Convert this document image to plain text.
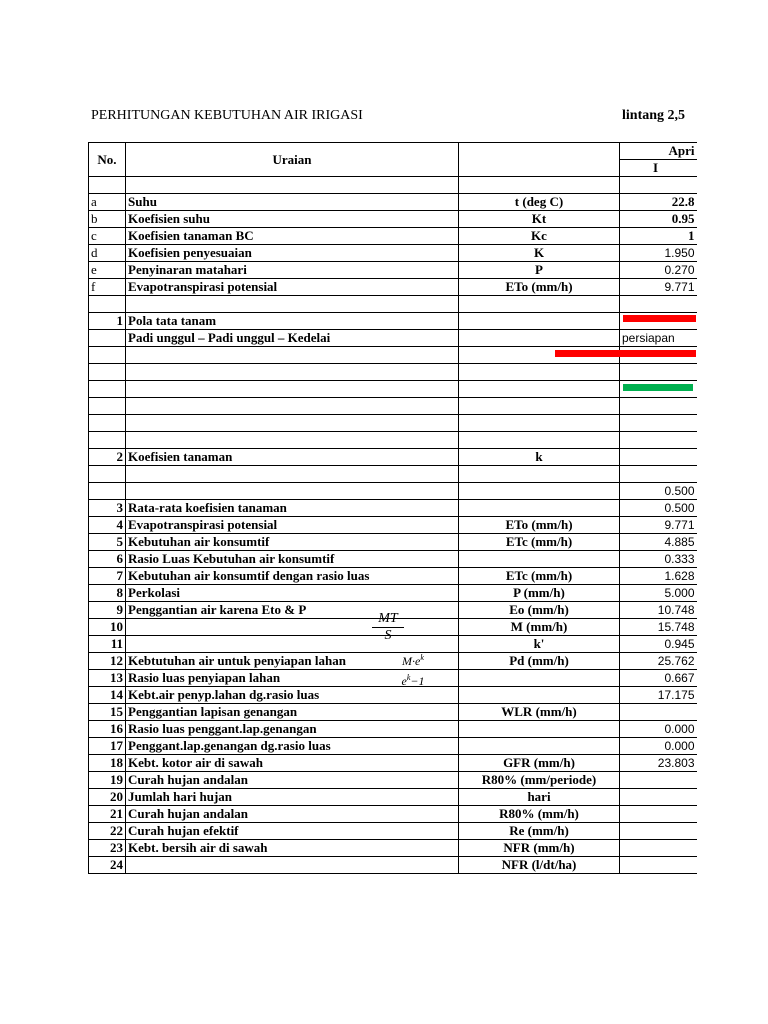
PERHITUNGAN KEBUTUHAN AIR IRIGASI	lintang 2,5
No.	Uraian		Apri
			I

a	Suhu	t (deg C)	22.8
b	Koefisien suhu	Kt	0.95
c	Koefisien tanaman BC	Kc	1
d	Koefisien penyesuaian	K	1.950
e	Penyinaran matahari	P	0.270
f	Evapotranspirasi potensial	ETo (mm/h)	9.771

1	Pola tata tanam		
	Padi unggul – Padi unggul – Kedelai		persiapan

2	Koefisien tanaman	k	

			0.500
3	Rata-rata koefisien tanaman		0.500
4	Evapotranspirasi potensial	ETo (mm/h)	9.771
5	Kebutuhan air konsumtif	ETc (mm/h)	4.885
6	Rasio Luas Kebutuhan air konsumtif		0.333
7	Kebutuhan air konsumtif dengan rasio luas	ETc (mm/h)	1.628
8	Perkolasi	P (mm/h)	5.000
9	Penggantian air karena Eto & P	Eo (mm/h)	10.748
10		M (mm/h)	15.748
11		k'	0.945
12	Kebtutuhan air untuk penyiapan lahan	Pd (mm/h)	25.762
13	Rasio luas penyiapan lahan		0.667
14	Kebt.air penyp.lahan dg.rasio luas		17.175
15	Penggantian lapisan genangan	WLR (mm/h)	
16	Rasio luas penggant.lap.genangan		0.000
17	Penggant.lap.genangan dg.rasio luas		0.000
18	Kebt. kotor air di sawah	GFR (mm/h)	23.803
19	Curah hujan andalan	R80% (mm/periode)	
20	Jumlah hari hujan	hari	
21	Curah hujan andalan	R80% (mm/h)	
22	Curah hujan efektif	Re (mm/h)	
23	Kebt. bersih air di sawah	NFR (mm/h)	
24		NFR (l/dt/ha)	
$\frac{MT}{S}$
$\frac{M\cdot e^k}{e^k-1}$
